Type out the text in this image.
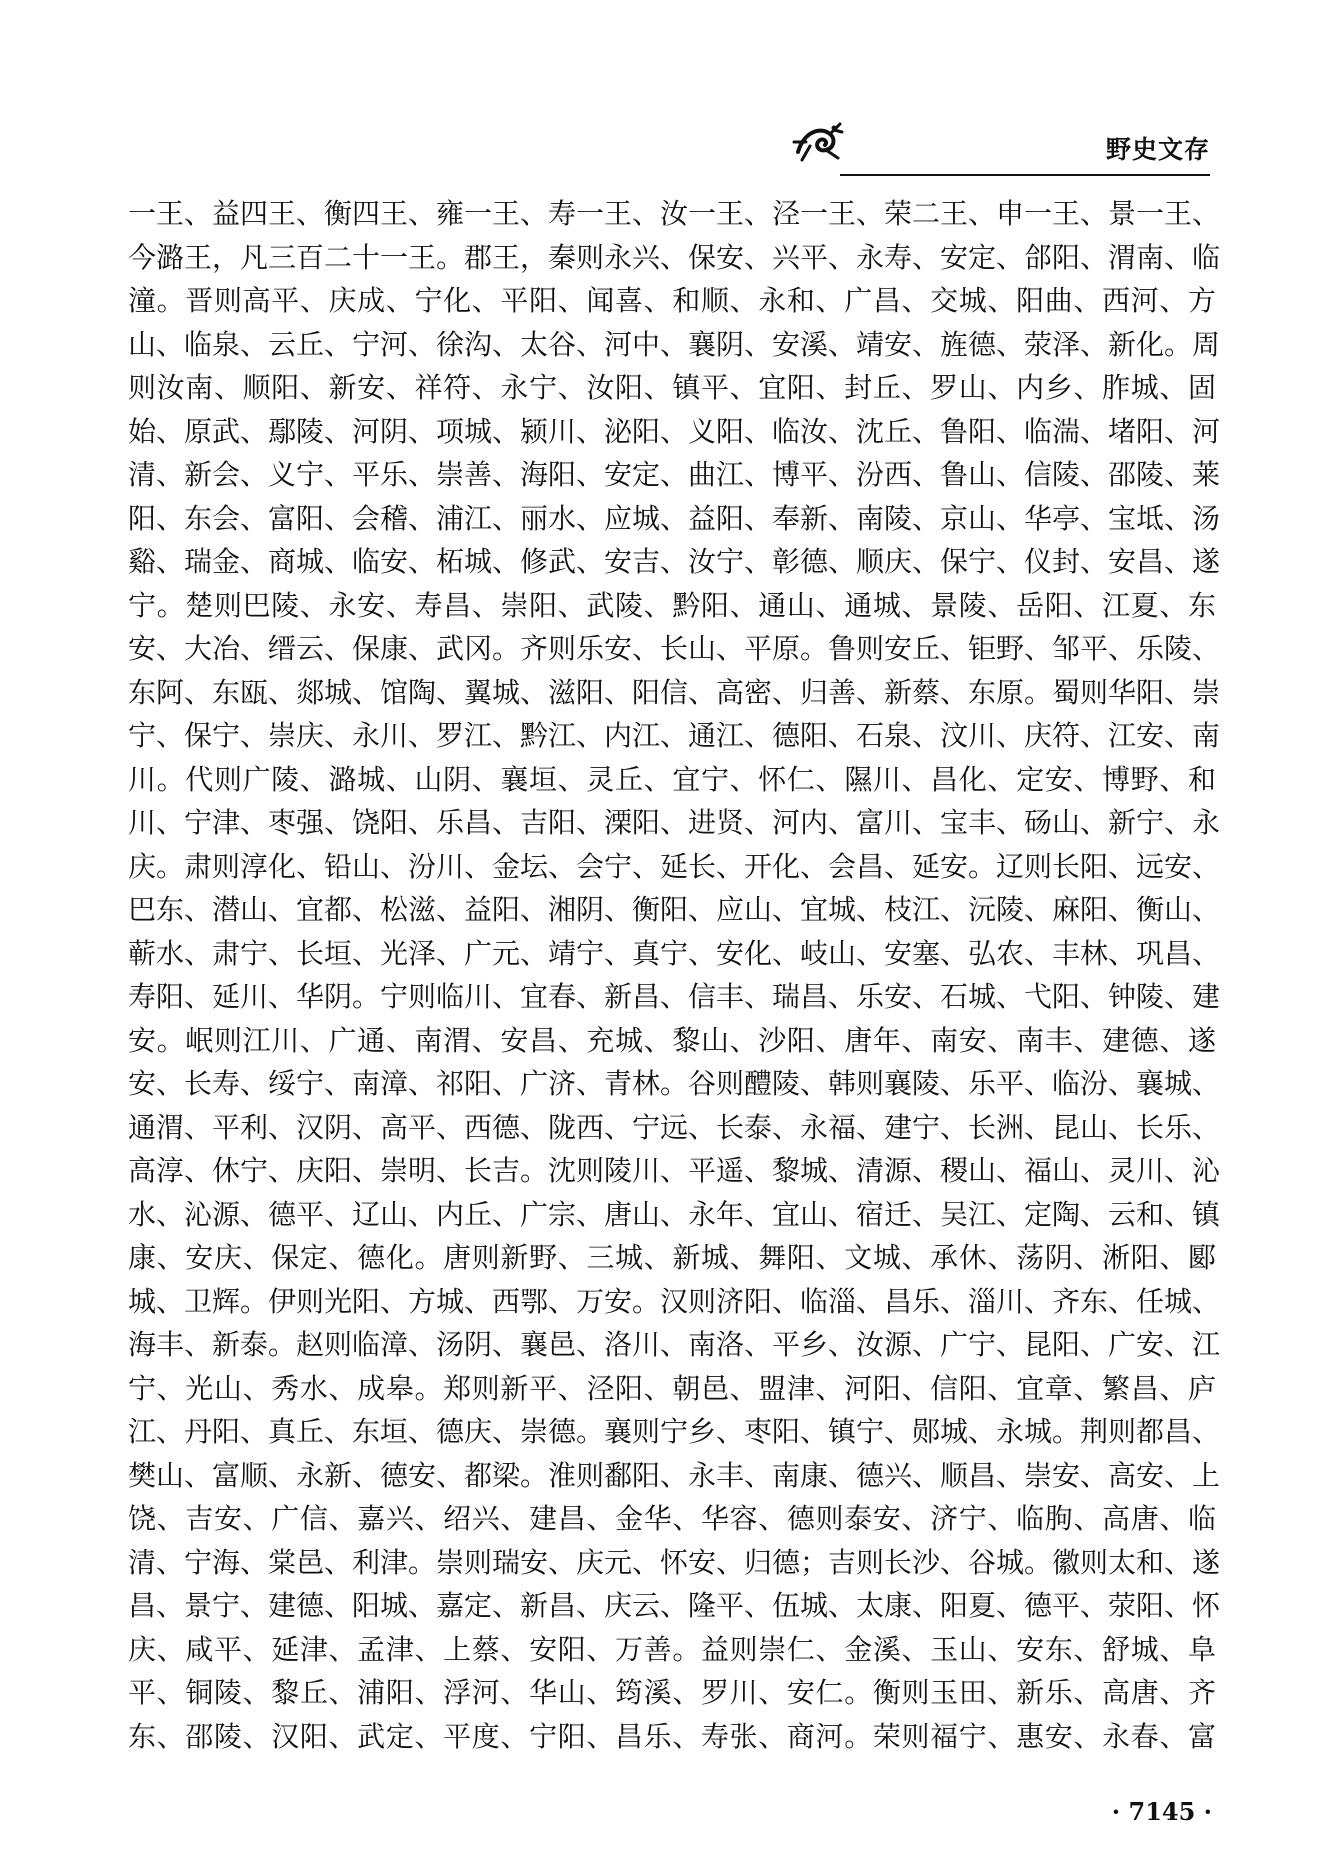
野史文存
一王、益四王、衡四王、雍一王、寿一王、汝一王、泾一王、荣二王、申一王、景一王、
今潞王，凡三百二十一王。郡王，秦则永兴、保安、兴平、永寿、安定、郃阳、渭南、临
潼。晋则高平、庆成、宁化、平阳、闻喜、和顺、永和、广昌、交城、阳曲、西河、方
山、临泉、云丘、宁河、徐沟、太谷、河中、襄阴、安溪、靖安、旌德、荥泽、新化。周
则汝南、顺阳、新安、祥符、永宁、汝阳、镇平、宜阳、封丘、罗山、内乡、胙城、固
始、原武、鄢陵、河阴、项城、颍川、泌阳、义阳、临汝、沈丘、鲁阳、临湍、堵阳、河
清、新会、义宁、平乐、崇善、海阳、安定、曲江、博平、汾西、鲁山、信陵、邵陵、莱
阳、东会、富阳、会稽、浦江、丽水、应城、益阳、奉新、南陵、京山、华亭、宝坻、汤
谿、瑞金、商城、临安、柘城、修武、安吉、汝宁、彰德、顺庆、保宁、仪封、安昌、遂
宁。楚则巴陵、永安、寿昌、崇阳、武陵、黔阳、通山、通城、景陵、岳阳、江夏、东
安、大冶、缙云、保康、武冈。齐则乐安、长山、平原。鲁则安丘、钜野、邹平、乐陵、
东阿、东瓯、郯城、馆陶、翼城、滋阳、阳信、高密、归善、新蔡、东原。蜀则华阳、崇
宁、保宁、崇庆、永川、罗江、黔江、内江、通江、德阳、石泉、汶川、庆符、江安、南
川。代则广陵、潞城、山阴、襄垣、灵丘、宜宁、怀仁、隰川、昌化、定安、博野、和
川、宁津、枣强、饶阳、乐昌、吉阳、溧阳、进贤、河内、富川、宝丰、砀山、新宁、永
庆。肃则淳化、铅山、汾川、金坛、会宁、延长、开化、会昌、延安。辽则长阳、远安、
巴东、潜山、宜都、松滋、益阳、湘阴、衡阳、应山、宜城、枝江、沅陵、麻阳、衡山、
蕲水、肃宁、长垣、光泽、广元、靖宁、真宁、安化、岐山、安塞、弘农、丰林、巩昌、
寿阳、延川、华阴。宁则临川、宜春、新昌、信丰、瑞昌、乐安、石城、弋阳、钟陵、建
安。岷则江川、广通、南渭、安昌、充城、黎山、沙阳、唐年、南安、南丰、建德、遂
安、长寿、绥宁、南漳、祁阳、广济、青林。谷则醴陵、韩则襄陵、乐平、临汾、襄城、
通渭、平利、汉阴、高平、西德、陇西、宁远、长泰、永福、建宁、长洲、昆山、长乐、
高淳、休宁、庆阳、崇明、长吉。沈则陵川、平遥、黎城、清源、稷山、福山、灵川、沁
水、沁源、德平、辽山、内丘、广宗、唐山、永年、宜山、宿迁、吴江、定陶、云和、镇
康、安庆、保定、德化。唐则新野、三城、新城、舞阳、文城、承休、荡阴、淅阳、郾
城、卫辉。伊则光阳、方城、西鄂、万安。汉则济阳、临淄、昌乐、淄川、齐东、任城、
海丰、新泰。赵则临漳、汤阴、襄邑、洛川、南洛、平乡、汝源、广宁、昆阳、广安、江
宁、光山、秀水、成皋。郑则新平、泾阳、朝邑、盟津、河阳、信阳、宜章、繁昌、庐
江、丹阳、真丘、东垣、德庆、崇德。襄则宁乡、枣阳、镇宁、郧城、永城。荆则都昌、
樊山、富顺、永新、德安、都梁。淮则鄱阳、永丰、南康、德兴、顺昌、崇安、高安、上
饶、吉安、广信、嘉兴、绍兴、建昌、金华、华容、德则泰安、济宁、临朐、高唐、临
清、宁海、棠邑、利津。崇则瑞安、庆元、怀安、归德；吉则长沙、谷城。徽则太和、遂
昌、景宁、建德、阳城、嘉定、新昌、庆云、隆平、伍城、太康、阳夏、德平、荥阳、怀
庆、咸平、延津、孟津、上蔡、安阳、万善。益则崇仁、金溪、玉山、安东、舒城、阜
平、铜陵、黎丘、浦阳、浮河、华山、筠溪、罗川、安仁。衡则玉田、新乐、高唐、齐
东、邵陵、汉阳、武定、平度、宁阳、昌乐、寿张、商河。荣则福宁、惠安、永春、富
· 7145 ·
